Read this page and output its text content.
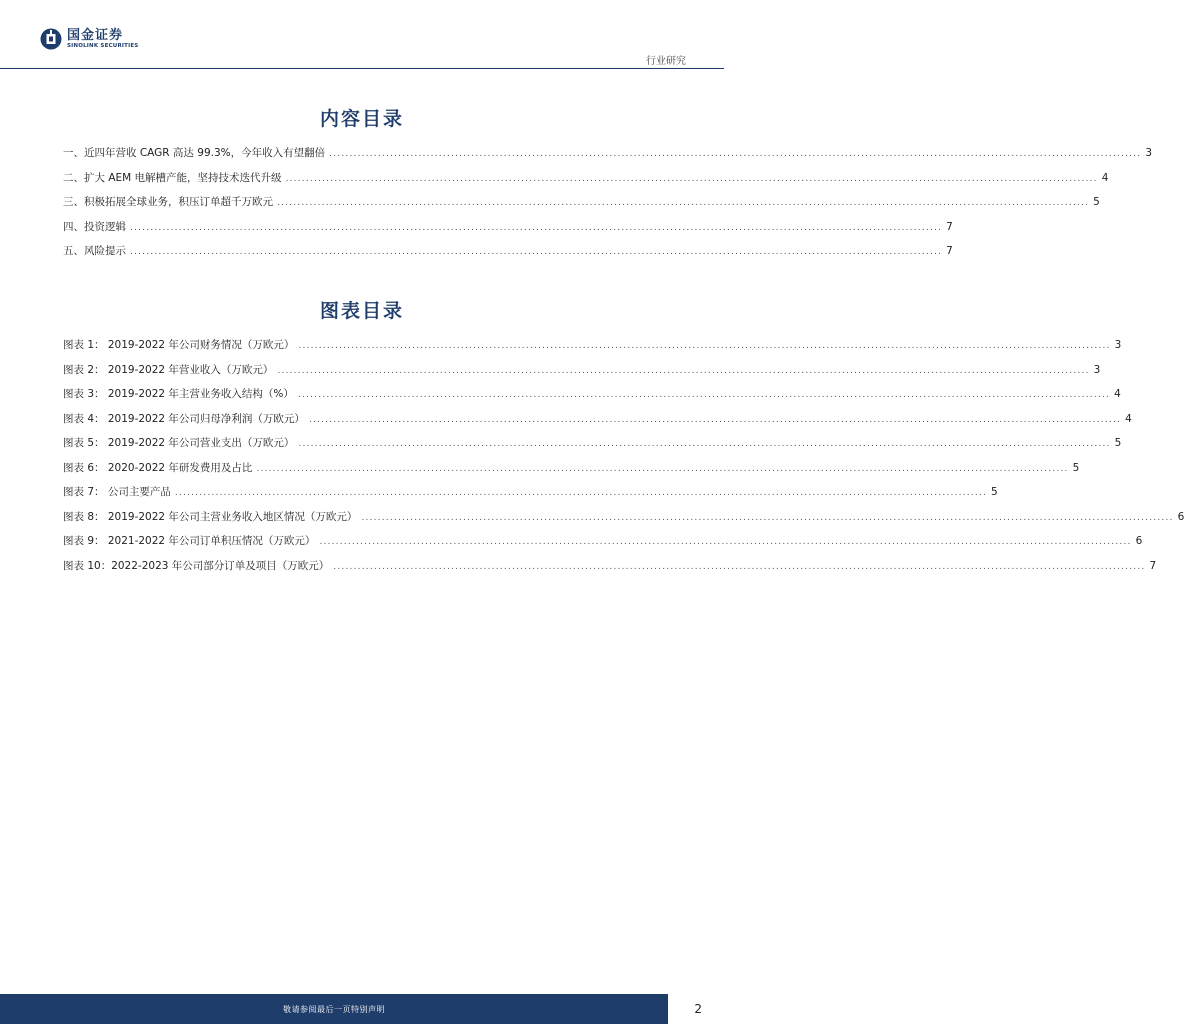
国金证券
SINOLINK SECURITIES
行业研究
内容目录
一、近四年营收 CAGR 高达 99.3%，今年收入有望翻倍 ........................................................................................................................................................................................................ 3
二、扩大 AEM 电解槽产能，坚持技术迭代升级 ........................................................................................................................................................................................................ 4
三、积极拓展全球业务，积压订单超千万欧元 ........................................................................................................................................................................................................ 5
四、投资逻辑 ........................................................................................................................................................................................................ 7
五、风险提示 ........................................................................................................................................................................................................ 7
图表目录
图表 1： 2019-2022 年公司财务情况（万欧元） ........................................................................................................................................................................................................ 3
图表 2： 2019-2022 年营业收入（万欧元） ........................................................................................................................................................................................................ 3
图表 3： 2019-2022 年主营业务收入结构（%） ........................................................................................................................................................................................................ 4
图表 4： 2019-2022 年公司归母净利润（万欧元） ........................................................................................................................................................................................................ 4
图表 5： 2019-2022 年公司营业支出（万欧元） ........................................................................................................................................................................................................ 5
图表 6： 2020-2022 年研发费用及占比 ........................................................................................................................................................................................................ 5
图表 7： 公司主要产品 ........................................................................................................................................................................................................ 5
图表 8： 2019-2022 年公司主营业务收入地区情况（万欧元） ........................................................................................................................................................................................................ 6
图表 9： 2021-2022 年公司订单积压情况（万欧元） ........................................................................................................................................................................................................ 6
图表 10：2022-2023 年公司部分订单及项目（万欧元） ........................................................................................................................................................................................................ 7
敬请参阅最后一页特别声明	2
